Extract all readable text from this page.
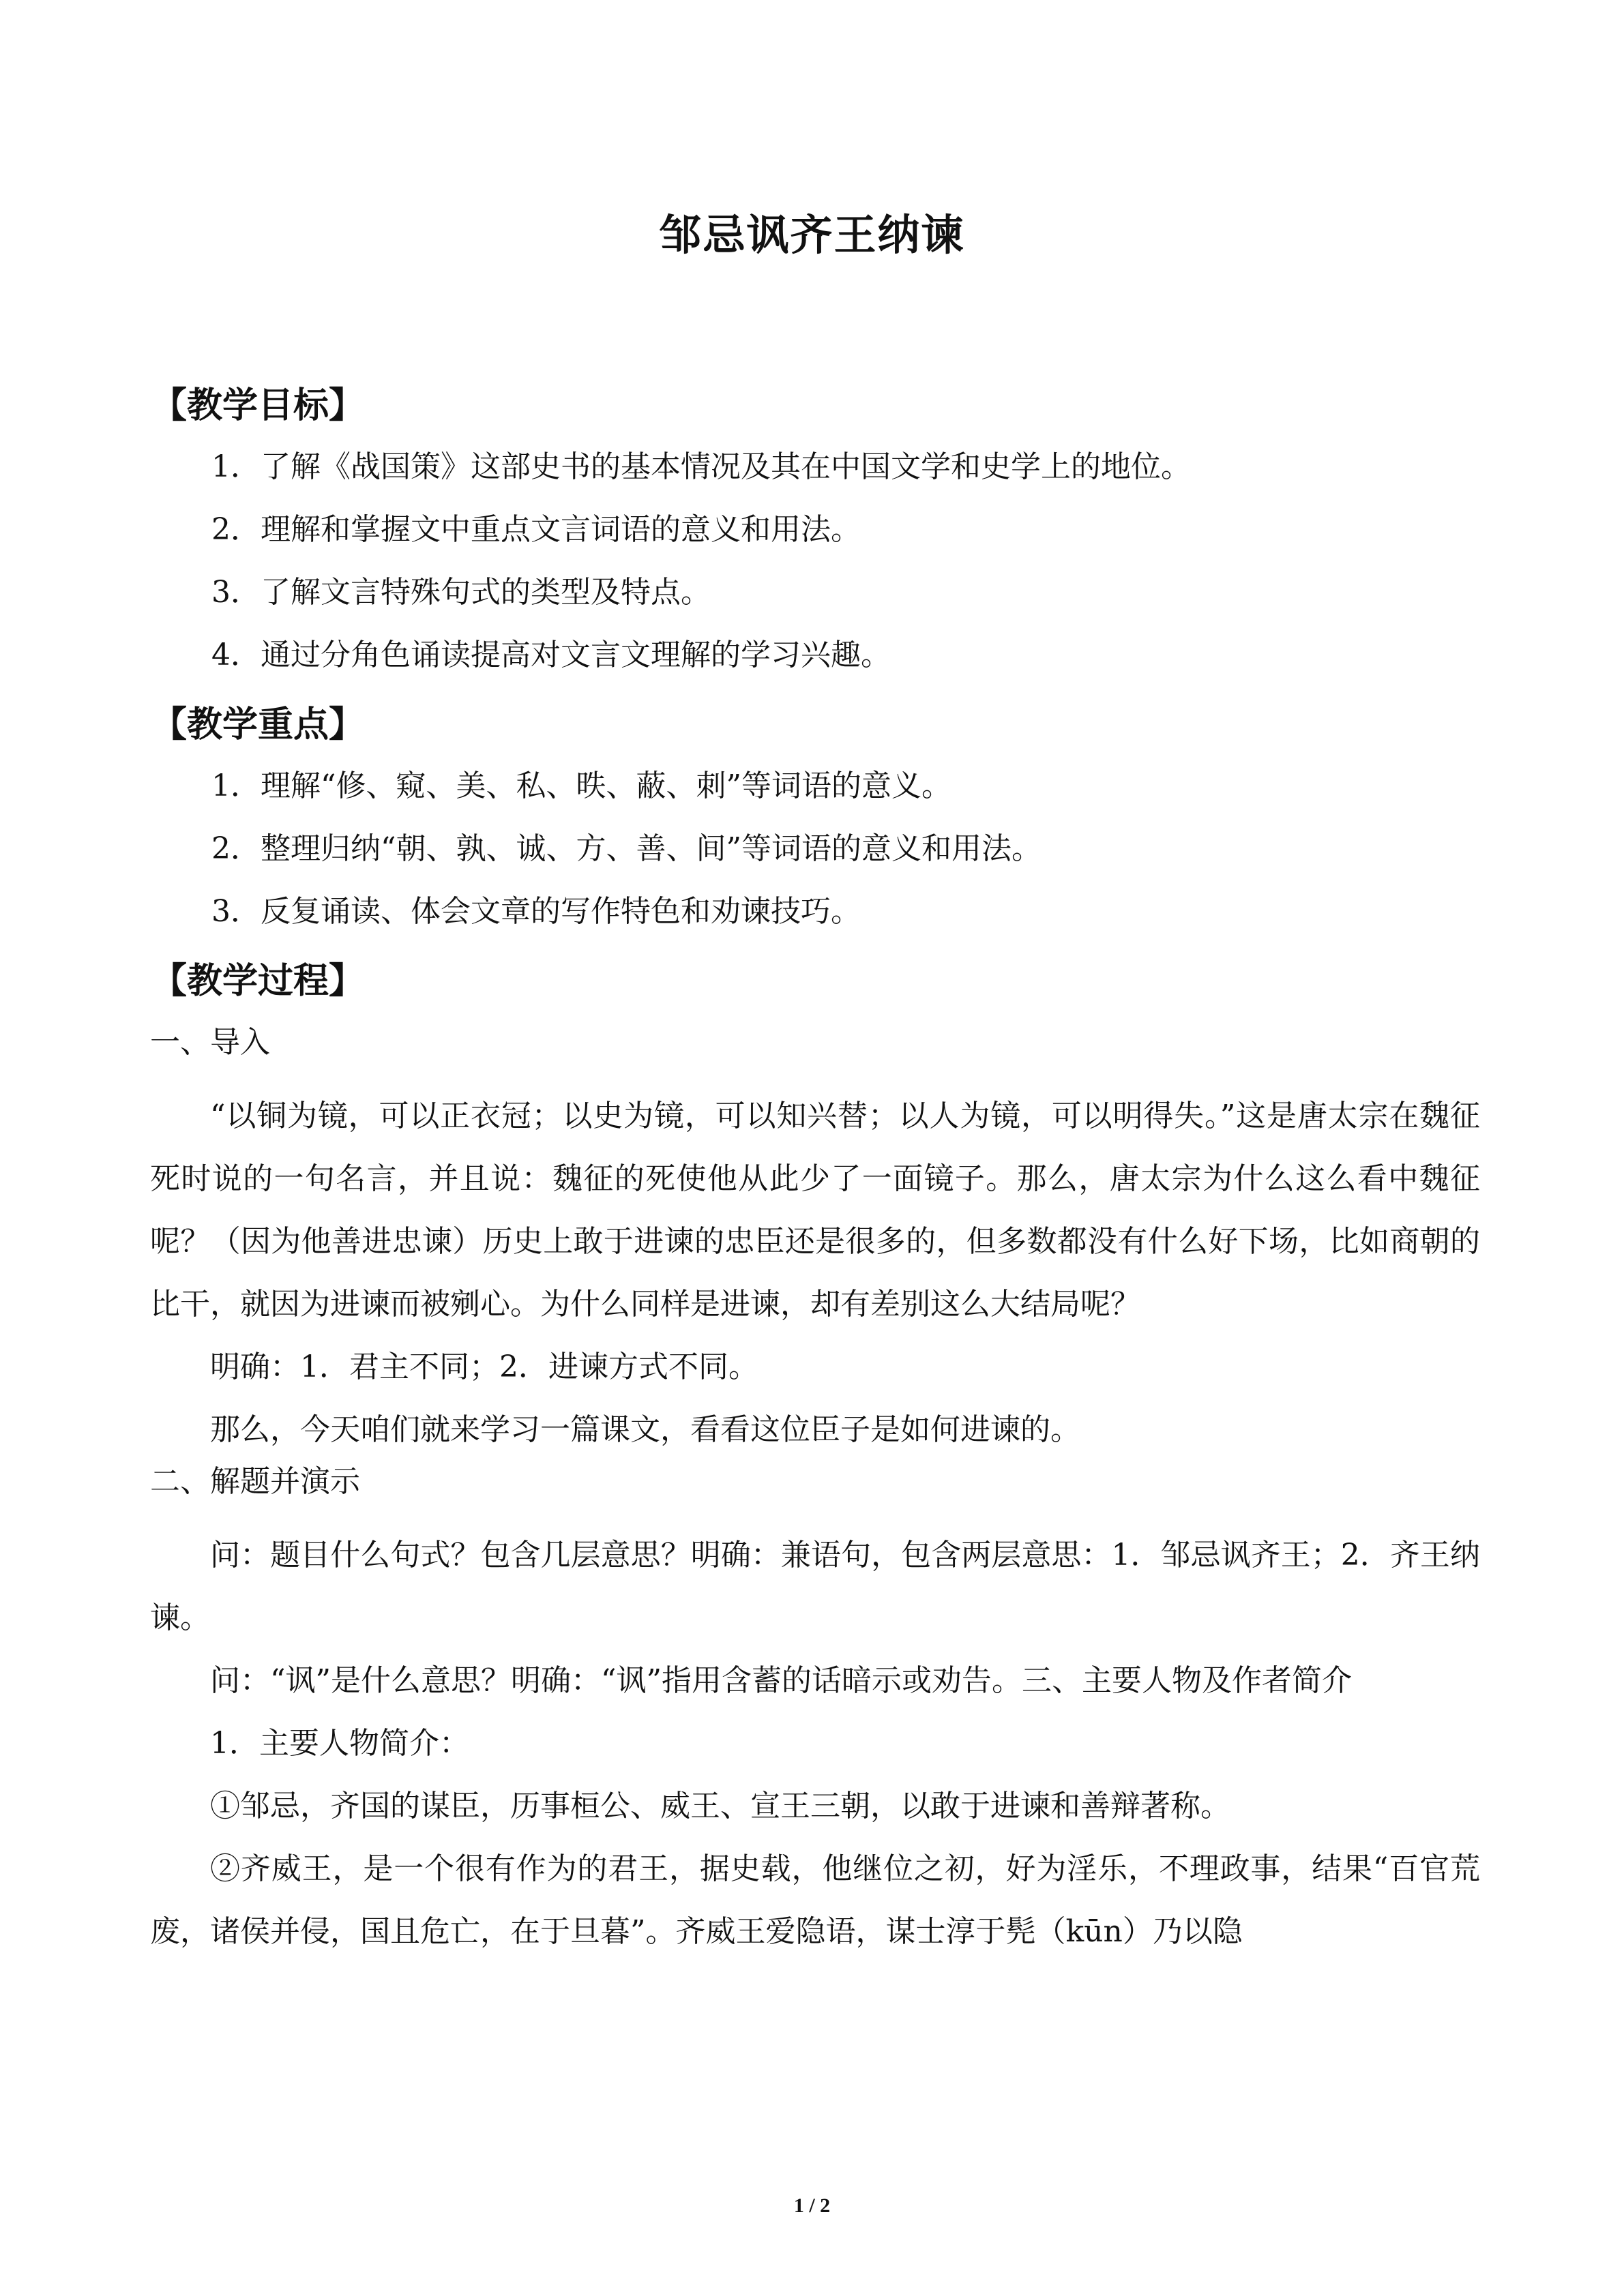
邹忌讽齐王纳谏
【教学目标】
1．了解《战国策》这部史书的基本情况及其在中国文学和史学上的地位。
2．理解和掌握文中重点文言词语的意义和用法。
3．了解文言特殊句式的类型及特点。
4．通过分角色诵读提高对文言文理解的学习兴趣。
【教学重点】
1．理解“修、窥、美、私、昳、蔽、刺”等词语的意义。
2．整理归纳“朝、孰、诚、方、善、间”等词语的意义和用法。
3．反复诵读、体会文章的写作特色和劝谏技巧。
【教学过程】
一、导入

“以铜为镜，可以正衣冠；以史为镜，可以知兴替；以人为镜，可以明得失。”这是唐太宗在魏征死时说的一句名言，并且说：魏征的死使他从此少了一面镜子。那么，唐太宗为什么这么看中魏征呢？（因为他善进忠谏）历史上敢于进谏的忠臣还是很多的，但多数都没有什么好下场，比如商朝的比干，就因为进谏而被剜心。为什么同样是进谏，却有差别这么大结局呢？

明确：1．君主不同；2．进谏方式不同。

那么，今天咱们就来学习一篇课文，看看这位臣子是如何进谏的。

二、解题并演示

问：题目什么句式？包含几层意思？明确：兼语句，包含两层意思：1．邹忌讽齐王；2．齐王纳谏。

问：“讽”是什么意思？明确：“讽”指用含蓄的话暗示或劝告。三、主要人物及作者简介

1．主要人物简介：

①邹忌，齐国的谋臣，历事桓公、威王、宣王三朝，以敢于进谏和善辩著称。

②齐威王，是一个很有作为的君王，据史载，他继位之初，好为淫乐，不理政事，结果“百官荒废，诸侯并侵，国且危亡，在于旦暮”。齐威王爱隐语，谋士淳于髡（kūn）乃以隐

1 / 2
